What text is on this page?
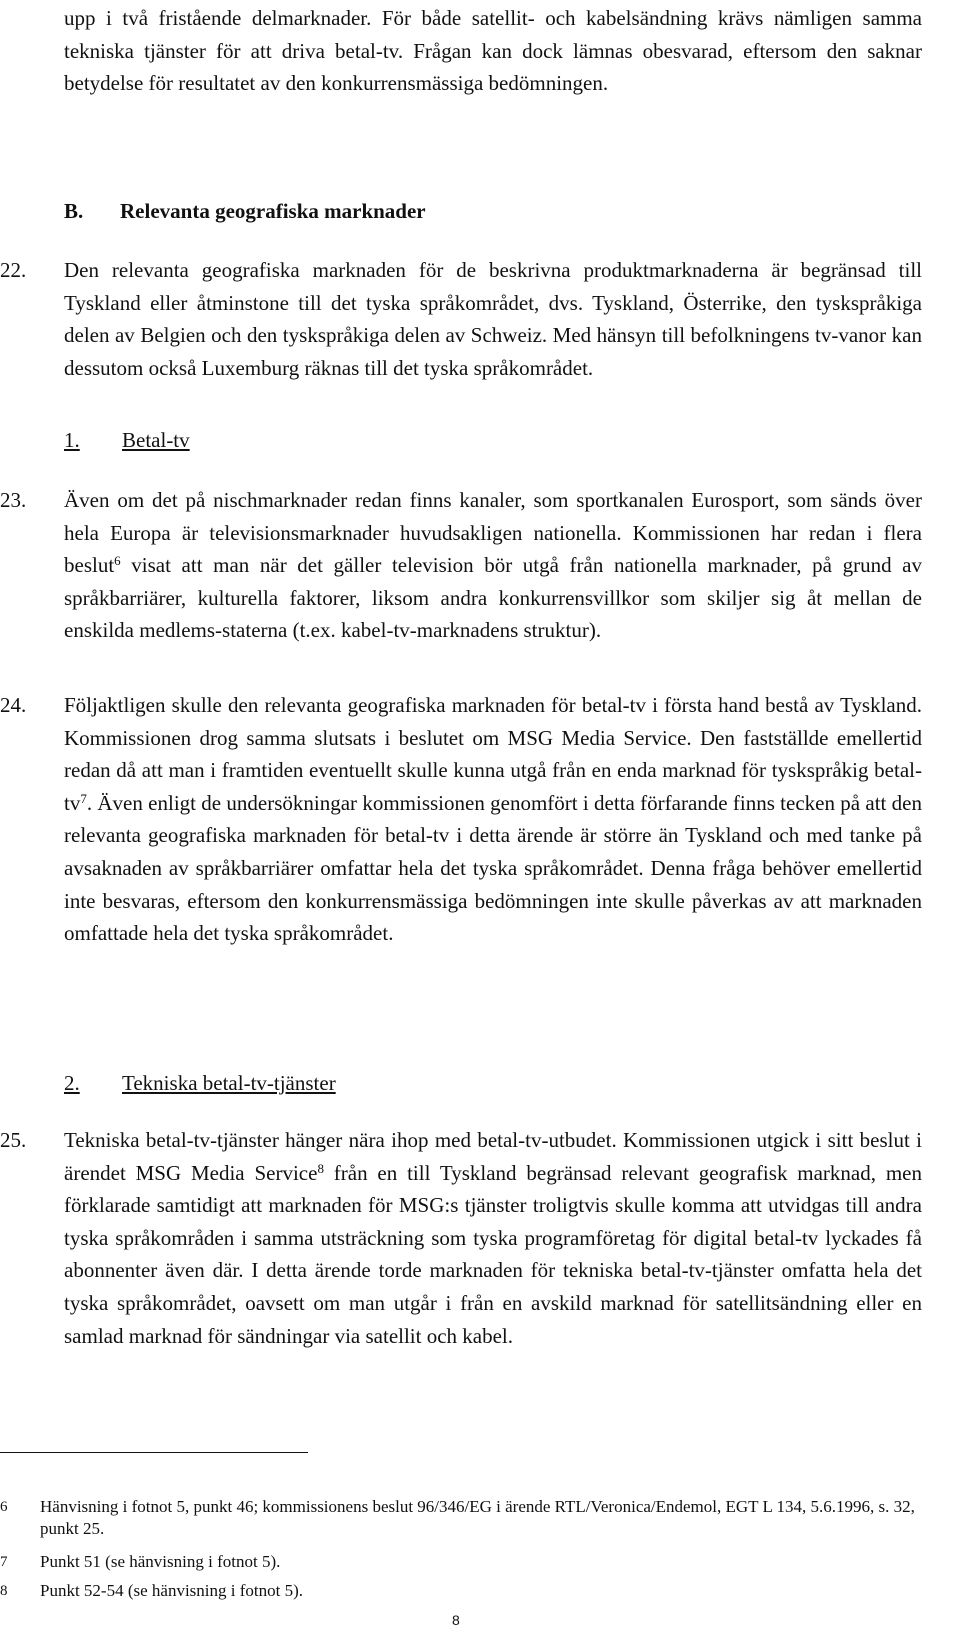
upp i två fristående delmarknader. För både satellit- och kabelsändning krävs nämligen samma tekniska tjänster för att driva betal-tv. Frågan kan dock lämnas obesvarad, eftersom den saknar betydelse för resultatet av den konkurrensmässiga bedömningen.
B. Relevanta geografiska marknader
22. Den relevanta geografiska marknaden för de beskrivna produktmarknaderna är begränsad till Tyskland eller åtminstone till det tyska språkområdet, dvs. Tyskland, Österrike, den tyskspråkiga delen av Belgien och den tyskspråkiga delen av Schweiz. Med hänsyn till befolkningens tv-vanor kan dessutom också Luxemburg räknas till det tyska språkområdet.
1. Betal-tv
23. Även om det på nischmarknader redan finns kanaler, som sportkanalen Eurosport, som sänds över hela Europa är televisionsmarknader huvudsakligen nationella. Kommissionen har redan i flera beslut$^6$ visat att man när det gäller television bör utgå från nationella marknader, på grund av språkbarriärer, kulturella faktorer, liksom andra konkurrensvillkor som skiljer sig åt mellan de enskilda medlems-staterna (t.ex. kabel-tv-marknadens struktur).
24. Följaktligen skulle den relevanta geografiska marknaden för betal-tv i första hand bestå av Tyskland. Kommissionen drog samma slutsats i beslutet om MSG Media Service. Den fastställde emellertid redan då att man i framtiden eventuellt skulle kunna utgå från en enda marknad för tyskspråkig betal-$tv^7$. Även enligt de undersökningar kommissionen genomfört i detta förfarande finns tecken på att den relevanta geografiska marknaden för betal-tv i detta ärende är större än Tyskland och med tanke på avsaknaden av språkbarriärer omfattar hela det tyska språkområdet. Denna fråga behöver emellertid inte besvaras, eftersom den konkurrensmässiga bedömningen inte skulle påverkas av att marknaden omfattade hela det tyska språkområdet.
2. Tekniska betal-tv-tjänster
25. Tekniska betal-tv-tjänster hänger nära ihop med betal-tv-utbudet. Kommissionen utgick i sitt beslut i ärendet MSG Media Service$^8$ från en till Tyskland begränsad relevant geografisk marknad, men förklarade samtidigt att marknaden för MSG:s tjänster troligtvis skulle komma att utvidgas till andra tyska språkområden i samma utsträckning som tyska programföretag för digital betal-tv lyckades få abonnenter även där. I detta ärende torde marknaden för tekniska betal-tv-tjänster omfatta hela det tyska språkområdet, oavsett om man utgår i från en avskild marknad för satellitsändning eller en samlad marknad för sändningar via satellit och kabel.
6 Hänvisning i fotnot 5, punkt 46; kommissionens beslut 96/346/EG i ärende RTL/Veronica/Endemol, EGT L 134, 5.6.1996, s. 32, punkt 25.
7 Punkt 51 (se hänvisning i fotnot 5).
8 Punkt 52-54 (se hänvisning i fotnot 5).
8
